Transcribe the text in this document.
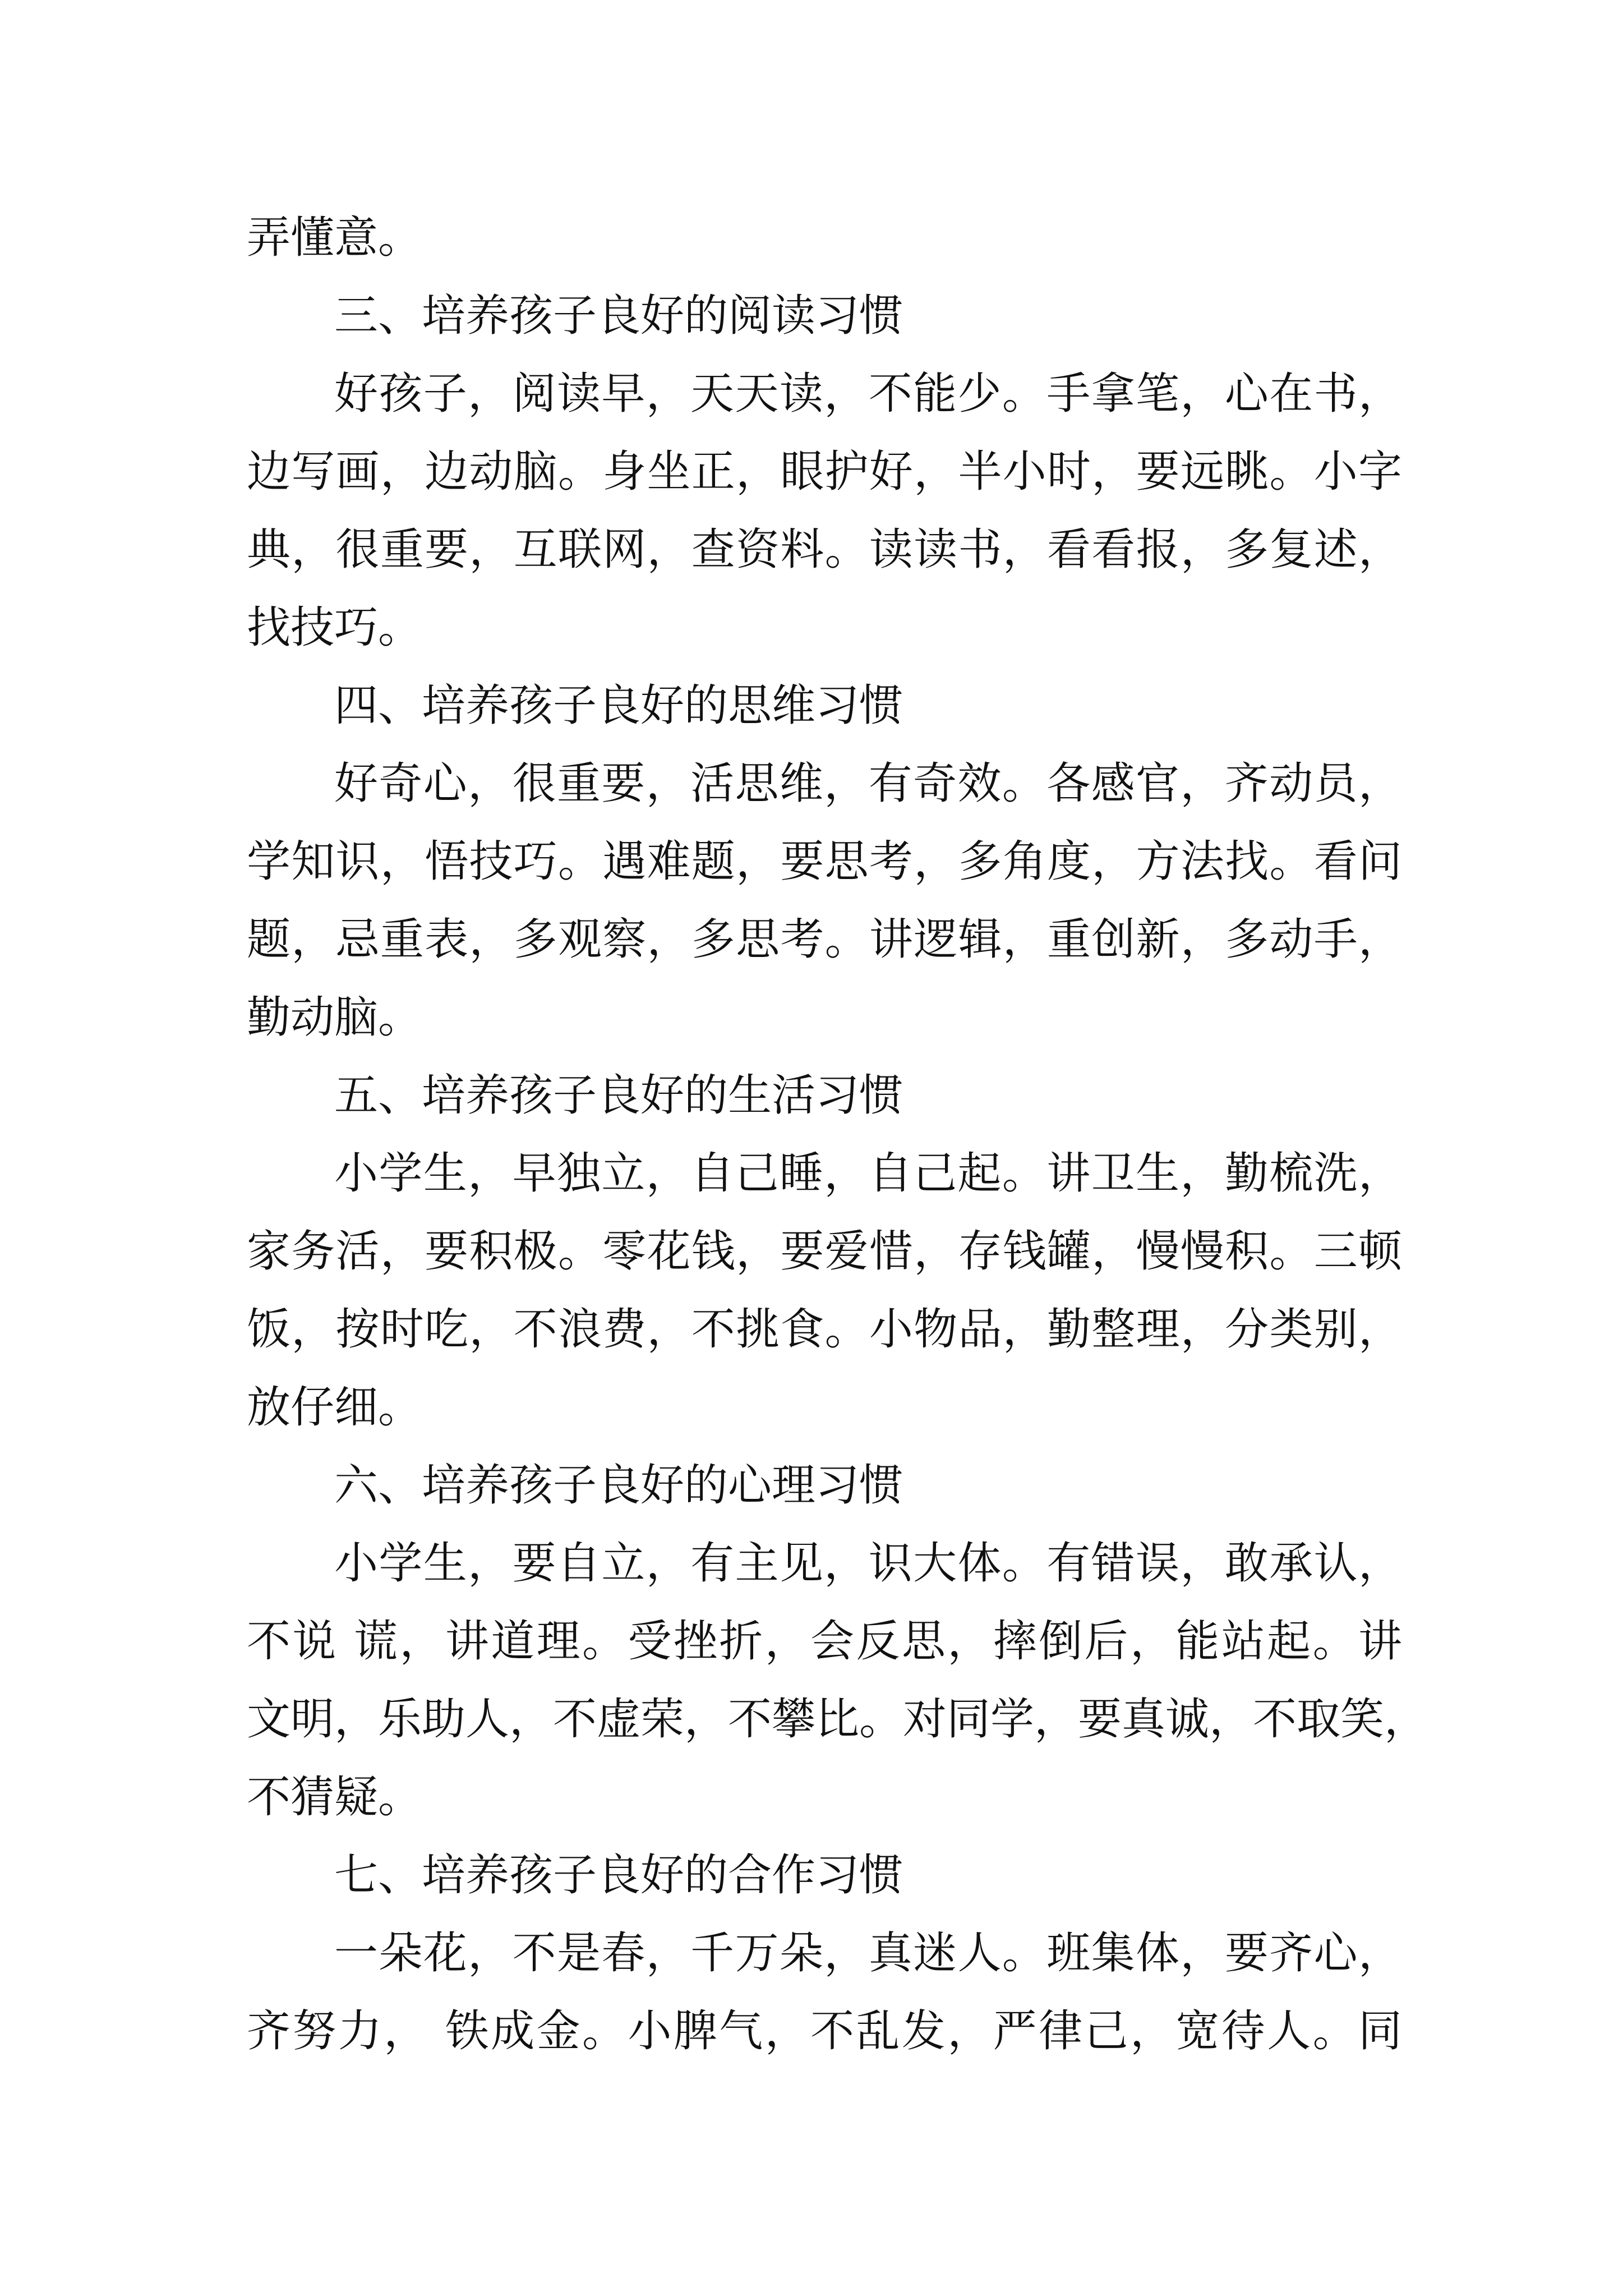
弄懂意。
三、培养孩子良好的阅读习惯
好孩子，阅读早，天天读，不能少。手拿笔，心在书，
边写画，边动脑。身坐正，眼护好，半小时，要远眺。小字
典，很重要，互联网，查资料。读读书，看看报，多复述，
找技巧。
四、培养孩子良好的思维习惯
好奇心，很重要，活思维，有奇效。各感官，齐动员，
学知识，悟技巧。遇难题，要思考，多角度，方法找。看问
题，忌重表，多观察，多思考。讲逻辑，重创新，多动手，
勤动脑。
五、培养孩子良好的生活习惯
小学生，早独立，自己睡，自己起。讲卫生，勤梳洗，
家务活，要积极。零花钱，要爱惜，存钱罐，慢慢积。三顿
饭，按时吃，不浪费，不挑食。小物品，勤整理，分类别，
放仔细。
六、培养孩子良好的心理习惯
小学生，要自立，有主见，识大体。有错误，敢承认，
不说 谎，讲道理。受挫折，会反思，摔倒后，能站起。讲
文明，乐助人，不虚荣，不攀比。对同学，要真诚，不取笑，
不猜疑。
七、培养孩子良好的合作习惯
一朵花，不是春，千万朵，真迷人。班集体，要齐心，
齐努力， 铁成金。小脾气，不乱发，严律己，宽待人。同
